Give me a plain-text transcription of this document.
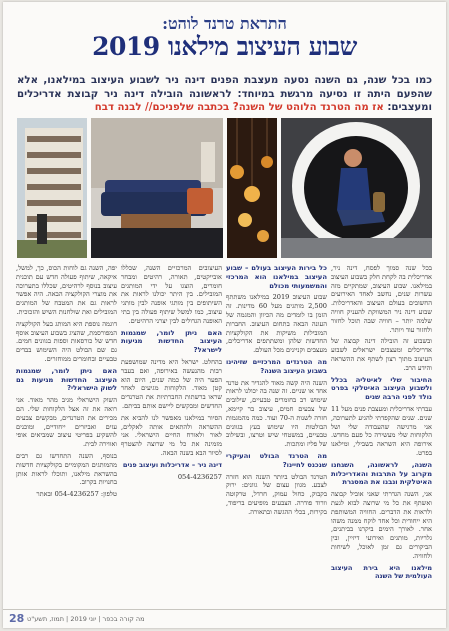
התראת טרנד לוהט:
שבוע העיצוב מילאנו 2019
כמו בכל שנה, גם השנה נסעה מעצבת הפנים דינה ניר לשבוע העיצוב במילאנו, אלא שהפעם היתה זו נסיעה מרגשת במיוחד: לראשונה הובילה דינה ניר קבוצת אדריכלים ומעצבים: אז מה הטרנד הלוהט של השנה? בכתבה שלפניכם// לבנה דבח

בכל שנה סמוך לפסח, דינה ניר, אדריכלית בה לקחת חלק בשבוע העיצוב במילאנו. שבוע העיצוב, שמתקיים מזה עשרות שנים, נחשב לאחד האירועים החשובים בעולם העיצוב והאדריכלות. שבוע דינה ניר המשווקת להעניק חוויה שלמה יותר – חוויה שבה תוכל לחזור ולחזור עוד ויותר.

ובשבוע זה הובילה דינה קבוצה של אדריכלים ומעצבים ישראלים לשבוע העיצוב מתוך רצון לשתף את ההשראה והידע הרב.

החיבור שלי לאיטליה בכלל ולשבוע העיצוב האיטלקי בפרט נולד לפני הרבה שנים

עבדתי אדריכלית ומעצבת פנים מעל 11 שנים. שנים שהקפדתי להגיע לתערוכה, אני מרגישה שהעבודה שלי ושל הלקוחות שלי מעשירה כל פעם מחדש. אירופה היא השראה בשבילי, ומילאנו בפרט.

השנה, לראשונה, השגחנו מקרוב על התרבות והאדריכלות האיטלקית ונבנו את המסגרת

אני, השנה הגדרתי שאני אוביל קבוצה ואשתף את כל מי שרוצה לבוא לגעת ולראות את הדברים. החוויה המשותפת היא ייחודית וכל אחד לוקח ממנה משהו אחר. לאורך הימים ביקרנו בביתנים, גלריות, מותגים ואירועי דיזיין, ובין הביקורים גם זמן לאוכל, לשיחות ולחוויה.

מילאנו היא בירת העיצוב העולמית של השנה

כל בירות העיצוב בעולם – שבוע העיצוב במילאנו הוא המרכזי והמשמעותי מכולם

שבוע העיצוב 2019 במילאנו משתתף 2,500 מותגים מעל 60 מדינות. זה הזמן בו לומדים מה הכיוון והמגמה של העונה הבאה בתחום העיצוב. החברות המובילות משיקות את הקולקציות החדשות שלהן ומשתתפים אדריכלים, מעצבים וקניינים מכל העולם.

מה הטרנדים המרכזיים שזיהינו בשבוע העיצוב השנה?

השנה היה קשה מאוד להגדיר את טרנד אחד או שניים. זה שנה בה יכולנו לראות שימוש רב בחומרים טבעיים, שילובים של צבעים חמים, עיצוב בר קיימא, חזרה לשנות ה-70 ועוד. כמה מהמגמות הבולטות היו שימוש בעץ בגוונים טבעיים, במשטחי שיש וטרצו, ובשילוב של פליז ומתכות.

מה הטרנד הבולט והעיקרי שנכנס לחיינו?

הטרנד הבולט ביותר השנה הוא חזרה לצבע. מגוון עצום של גוונים: ירוק בקבוק, כחול עמוק, חרדל, טרקוטה וורוד פודרה. הצבעים מופיעים בריפוד, בקירות, בכלי ההגשה ובתאורה.

העיצובים המרכזיים השנה, שכללו אובייקטים, תאורה, רהיטים ומבחר חומרים, הוצגו על ידי המותגים המובילים. בין היתר יכולנו לראות את השיתופים בין מותגי אופנה לבין מותגי עיצוב, כמו למשל שיתוף פעולה בין בתי האופנה הגדולים לבין יצרני הרהיטים.

האם ניתן לומר, שמגמות העיצוב החדשות מגיעות לישראל?

בהחלט. ישראל היא מדינה שמושפעת רבות מהנעשה באירופה, ואם בעבר הפער היה של כמה שנים, היום הוא קטן מאוד. הלקוחות מגיעים לאחר שראו ברשתות החברתיות את הטרנדים החדשים ומבקשים ליישם אותם בביתם.

הסיור במילאנו מאפשר לנו להביא את ההשראה ולהתאים אותה לאקלים, לאור ולאורח החיים הישראלי. אני מזמינה את כל מי שרוצה להצטרף לסיור הבא בשנה הבאה.

דינה ניר – אדריכלות ועיצוב פנים

054-4236257

יפה, השנה גם לוחות הכוס, כך, למשל, איקאה, שיתוף פעולה חדש עם תוכנית עיצוב בנוסף לרהיטים, שכללו בתערוכה את מוצרי הקולקציה הבאה. היה אפשר לראות גם את המטבח של המותגים המובילים ואת שולחנות השיש והזכוכית.

דוגמה נוספת היא המותג בעל הקולקציה המפורסמת, שהציג בשבוע העיצוב אוסף חדש של כורסאות וספות בגוונים חמים. גם שם הבולט היה השימוש בבדים טבעיים ובחומרים ממוחזרים.

האם ניתן לומר, שמגמות העיצוב החדשות מגיעות גם לשוק הישראלי?

השוק הישראלי מגיב מהר מאוד. אני רואה את זה אצל הלקוחות שלי. הם מכירים את הטרנדים, מבקשים צבעים עזים ואביזרים ייחודיים, ומוכנים להשקיע בפריטי עיצוב שמביאים אופי ואווירה לבית.

בנוסף, השנה התחדשו גם רבים מהמותגים המקומיים בקולקציות חדשות בהשראת מילאנו, ותוכלו לראות אותן בחנויות בקרוב.

טלפון: 054-4236257 ובאתר

28 מה קורה בכפר | יוני 2019 | תמוז, תשע"ט
